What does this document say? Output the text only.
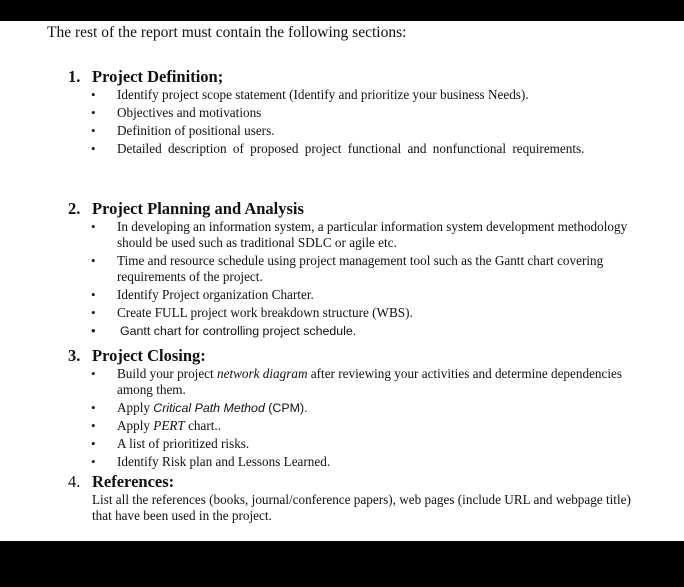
The rest of the report must contain the following sections:

1. Project Definition;
• Identify project scope statement (Identify and prioritize your business Needs).
• Objectives and motivations
• Definition of positional users.
• Detailed description of proposed project functional and nonfunctional requirements.
2. Project Planning and Analysis
• In developing an information system, a particular information system development methodology should be used such as traditional SDLC or agile etc.
• Time and resource schedule using project management tool such as the Gantt chart covering requirements of the project.
• Identify Project organization Charter.
• Create FULL project work breakdown structure (WBS).
• Gantt chart for controlling project schedule.
3. Project Closing:
• Build your project network diagram after reviewing your activities and determine dependencies among them.
• Apply Critical Path Method (CPM).
• Apply PERT chart..
• A list of prioritized risks.
• Identify Risk plan and Lessons Learned.
4. References:

List all the references (books, journal/conference papers), web pages (include URL and webpage title) that have been used in the project.
